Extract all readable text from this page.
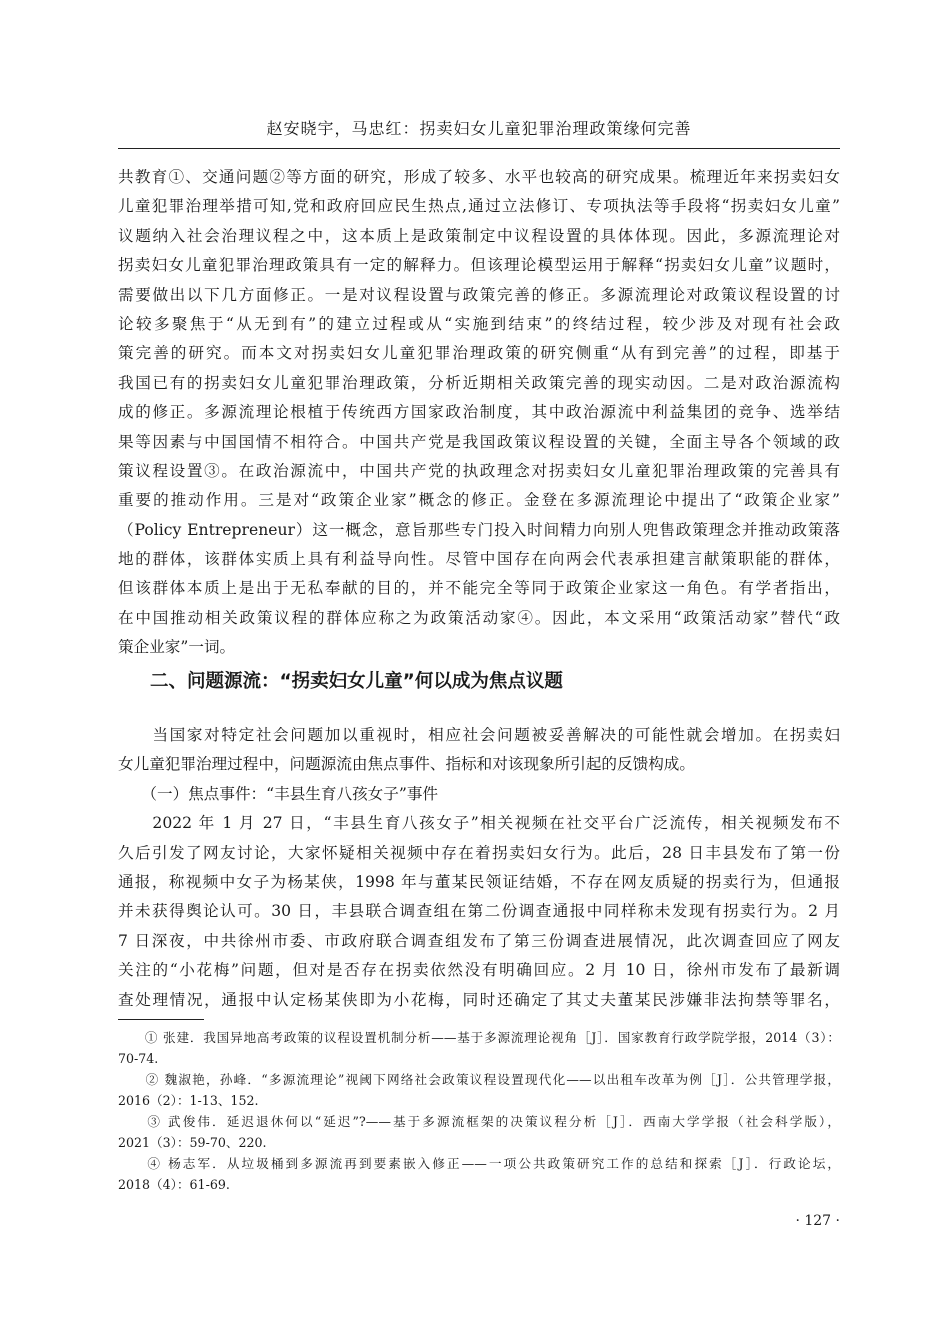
赵安晓宇，马忠红：拐卖妇女儿童犯罪治理政策缘何完善
共教育①、交通问题②等方面的研究，形成了较多、水平也较高的研究成果。梳理近年来拐卖妇女
儿童犯罪治理举措可知,党和政府回应民生热点,通过立法修订、专项执法等手段将“拐卖妇女儿童”
议题纳入社会治理议程之中，这本质上是政策制定中议程设置的具体体现。因此，多源流理论对
拐卖妇女儿童犯罪治理政策具有一定的解释力。但该理论模型运用于解释“拐卖妇女儿童”议题时，
需要做出以下几方面修正。一是对议程设置与政策完善的修正。多源流理论对政策议程设置的讨
论较多聚焦于“从无到有”的建立过程或从“实施到结束”的终结过程，较少涉及对现有社会政
策完善的研究。而本文对拐卖妇女儿童犯罪治理政策的研究侧重“从有到完善”的过程，即基于
我国已有的拐卖妇女儿童犯罪治理政策，分析近期相关政策完善的现实动因。二是对政治源流构
成的修正。多源流理论根植于传统西方国家政治制度，其中政治源流中利益集团的竞争、选举结
果等因素与中国国情不相符合。中国共产党是我国政策议程设置的关键，全面主导各个领域的政
策议程设置③。在政治源流中，中国共产党的执政理念对拐卖妇女儿童犯罪治理政策的完善具有
重要的推动作用。三是对“政策企业家”概念的修正。金登在多源流理论中提出了“政策企业家”
（Policy Entrepreneur）这一概念，意旨那些专门投入时间精力向别人兜售政策理念并推动政策落
地的群体，该群体实质上具有利益导向性。尽管中国存在向两会代表承担建言献策职能的群体，
但该群体本质上是出于无私奉献的目的，并不能完全等同于政策企业家这一角色。有学者指出，
在中国推动相关政策议程的群体应称之为政策活动家④。因此，本文采用“政策活动家”替代“政
策企业家”一词。
二、问题源流：“拐卖妇女儿童”何以成为焦点议题
　　当国家对特定社会问题加以重视时，相应社会问题被妥善解决的可能性就会增加。在拐卖妇
女儿童犯罪治理过程中，问题源流由焦点事件、指标和对该现象所引起的反馈构成。
　　（一）焦点事件：“丰县生育八孩女子”事件
　　2022 年 1 月 27 日，“丰县生育八孩女子”相关视频在社交平台广泛流传，相关视频发布不
久后引发了网友讨论，大家怀疑相关视频中存在着拐卖妇女行为。此后，28 日丰县发布了第一份
通报，称视频中女子为杨某侠，1998 年与董某民领证结婚，不存在网友质疑的拐卖行为，但通报
并未获得舆论认可。30 日，丰县联合调查组在第二份调查通报中同样称未发现有拐卖行为。2 月
7 日深夜，中共徐州市委、市政府联合调查组发布了第三份调查进展情况，此次调查回应了网友
关注的“小花梅”问题，但对是否存在拐卖依然没有明确回应。2 月 10 日，徐州市发布了最新调
查处理情况，通报中认定杨某侠即为小花梅，同时还确定了其丈夫董某民涉嫌非法拘禁等罪名，
　　① 张建．我国异地高考政策的议程设置机制分析——基于多源流理论视角［J］．国家教育行政学院学报，2014（3）：
70-74.
　　② 魏淑艳，孙峰．“多源流理论”视阈下网络社会政策议程设置现代化——以出租车改革为例［J］．公共管理学报，
2016（2）：1-13、152.
　　③ 武俊伟．延迟退休何以“延迟”?——基于多源流框架的决策议程分析［J］．西南大学学报（社会科学版），
2021（3）：59-70、220.
　　④ 杨志军．从垃圾桶到多源流再到要素嵌入修正——一项公共政策研究工作的总结和探索［J］．行政论坛，
2018（4）：61-69.
· 127 ·
